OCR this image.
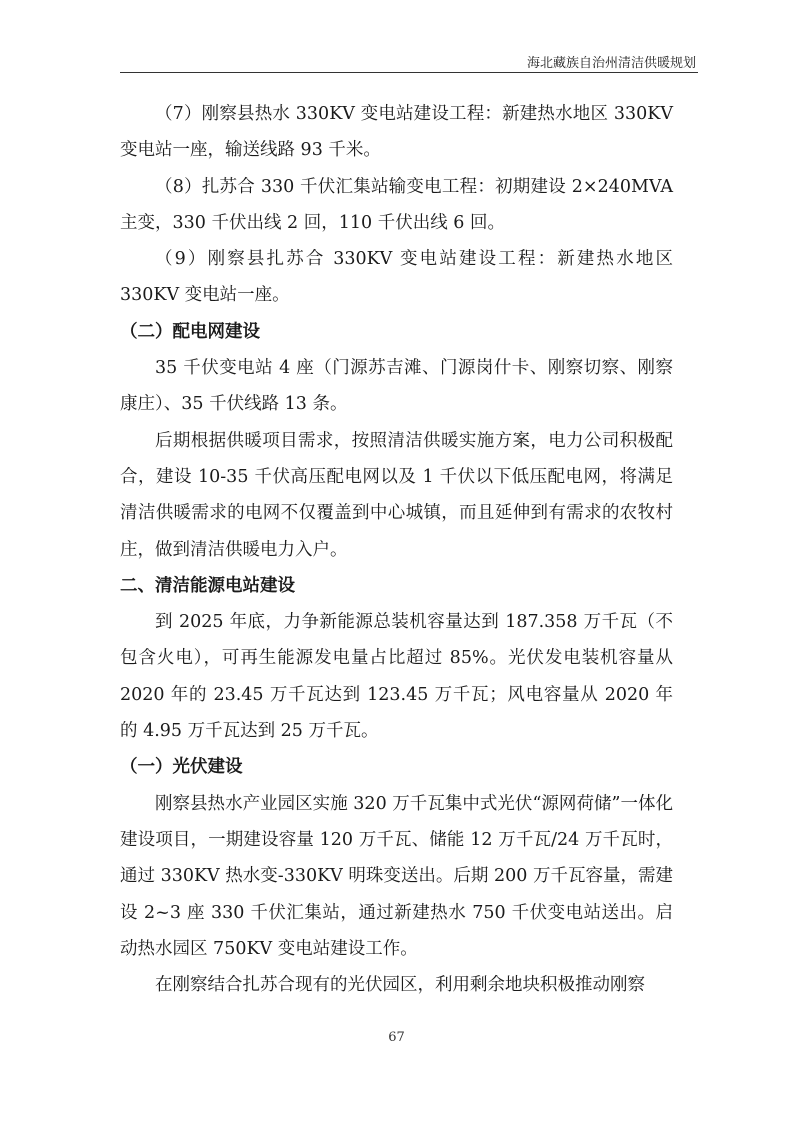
海北藏族自治州清洁供暖规划

（7）刚察县热水 330KV 变电站建设工程：新建热水地区 330KV 变电站一座，输送线路 93 千米。

（8）扎苏合 330 千伏汇集站输变电工程：初期建设 2×240MVA 主变，330 千伏出线 2 回，110 千伏出线 6 回。

（9）刚察县扎苏合 330KV 变电站建设工程：新建热水地区 330KV 变电站一座。

（二）配电网建设

35 千伏变电站 4 座（门源苏吉滩、门源岗什卡、刚察切察、刚察康庄）、35 千伏线路 13 条。

后期根据供暖项目需求，按照清洁供暖实施方案，电力公司积极配合，建设 10-35 千伏高压配电网以及 1 千伏以下低压配电网，将满足清洁供暖需求的电网不仅覆盖到中心城镇，而且延伸到有需求的农牧村庄，做到清洁供暖电力入户。

二、清洁能源电站建设

到 2025 年底，力争新能源总装机容量达到 187.358 万千瓦（不包含火电），可再生能源发电量占比超过 85%。光伏发电装机容量从 2020 年的 23.45 万千瓦达到 123.45 万千瓦；风电容量从 2020 年的 4.95 万千瓦达到 25 万千瓦。

（一）光伏建设

刚察县热水产业园区实施 320 万千瓦集中式光伏“源网荷储”一体化建设项目，一期建设容量 120 万千瓦、储能 12 万千瓦/24 万千瓦时，通过 330KV 热水变-330KV 明珠变送出。后期 200 万千瓦容量，需建设 2~3 座 330 千伏汇集站，通过新建热水 750 千伏变电站送出。启动热水园区 750KV 变电站建设工作。

在刚察结合扎苏合现有的光伏园区，利用剩余地块积极推动刚察

67
